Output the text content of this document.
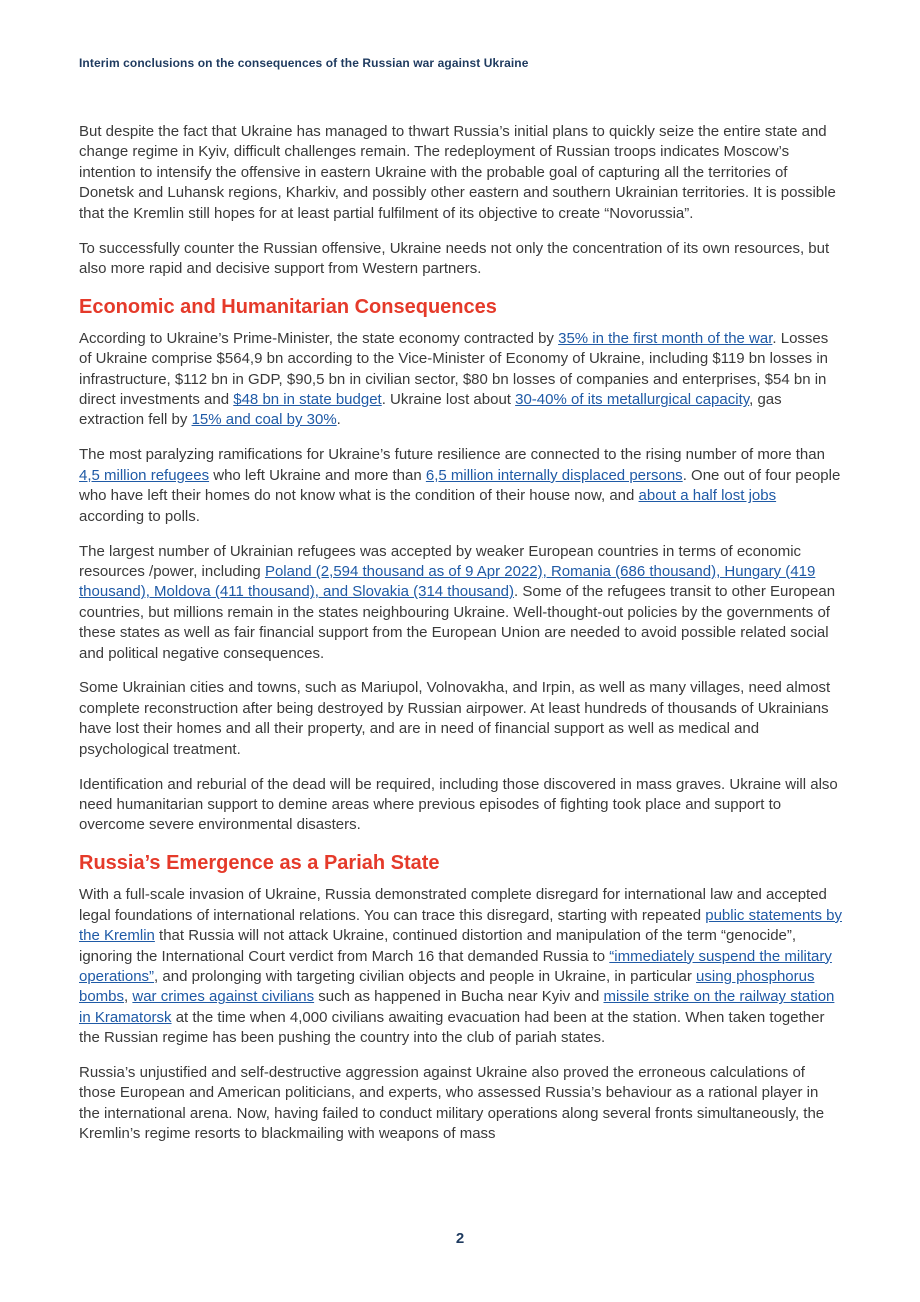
Interim conclusions on the consequences of the Russian war against Ukraine

But despite the fact that Ukraine has managed to thwart Russia’s initial plans to quickly seize the entire state and change regime in Kyiv, difficult challenges remain. The redeployment of Russian troops indicates Moscow’s intention to intensify the offensive in eastern Ukraine with the probable goal of capturing all the territories of Donetsk and Luhansk regions, Kharkiv, and possibly other eastern and southern Ukrainian territories. It is possible that the Kremlin still hopes for at least partial fulfilment of its objective to create “Novorussia”.

To successfully counter the Russian offensive, Ukraine needs not only the concentration of its own resources, but also more rapid and decisive support from Western partners.

Economic and Humanitarian Consequences

According to Ukraine’s Prime-Minister, the state economy contracted by 35% in the first month of the war. Losses of Ukraine comprise $564,9 bn according to the Vice-Minister of Economy of Ukraine, including $119 bn losses in infrastructure, $112 bn in GDP, $90,5 bn in civilian sector, $80 bn losses of companies and enterprises, $54 bn in direct investments and $48 bn in state budget. Ukraine lost about 30-40% of its metallurgical capacity, gas extraction fell by 15% and coal by 30%.

The most paralyzing ramifications for Ukraine’s future resilience are connected to the rising number of more than 4,5 million refugees who left Ukraine and more than 6,5 million internally displaced persons. One out of four people who have left their homes do not know what is the condition of their house now, and about a half lost jobs according to polls.

The largest number of Ukrainian refugees was accepted by weaker European countries in terms of economic resources /power, including Poland (2,594 thousand as of 9 Apr 2022), Romania (686 thousand), Hungary (419 thousand), Moldova (411 thousand), and Slovakia (314 thousand). Some of the refugees transit to other European countries, but millions remain in the states neighbouring Ukraine. Well-thought-out policies by the governments of these states as well as fair financial support from the European Union are needed to avoid possible related social and political negative consequences.

Some Ukrainian cities and towns, such as Mariupol, Volnovakha, and Irpin, as well as many villages, need almost complete reconstruction after being destroyed by Russian airpower. At least hundreds of thousands of Ukrainians have lost their homes and all their property, and are in need of financial support as well as medical and psychological treatment.

Identification and reburial of the dead will be required, including those discovered in mass graves. Ukraine will also need humanitarian support to demine areas where previous episodes of fighting took place and support to overcome severe environmental disasters.

Russia’s Emergence as a Pariah State

With a full-scale invasion of Ukraine, Russia demonstrated complete disregard for international law and accepted legal foundations of international relations. You can trace this disregard, starting with repeated public statements by the Kremlin that Russia will not attack Ukraine, continued distortion and manipulation of the term “genocide”, ignoring the International Court verdict from March 16 that demanded Russia to “immediately suspend the military operations”, and prolonging with targeting civilian objects and people in Ukraine, in particular using phosphorus bombs, war crimes against civilians such as happened in Bucha near Kyiv and missile strike on the railway station in Kramatorsk at the time when 4,000 civilians awaiting evacuation had been at the station. When taken together the Russian regime has been pushing the country into the club of pariah states.

Russia’s unjustified and self-destructive aggression against Ukraine also proved the erroneous calculations of those European and American politicians, and experts, who assessed Russia’s behaviour as a rational player in the international arena. Now, having failed to conduct military operations along several fronts simultaneously, the Kremlin’s regime resorts to blackmailing with weapons of mass

2
